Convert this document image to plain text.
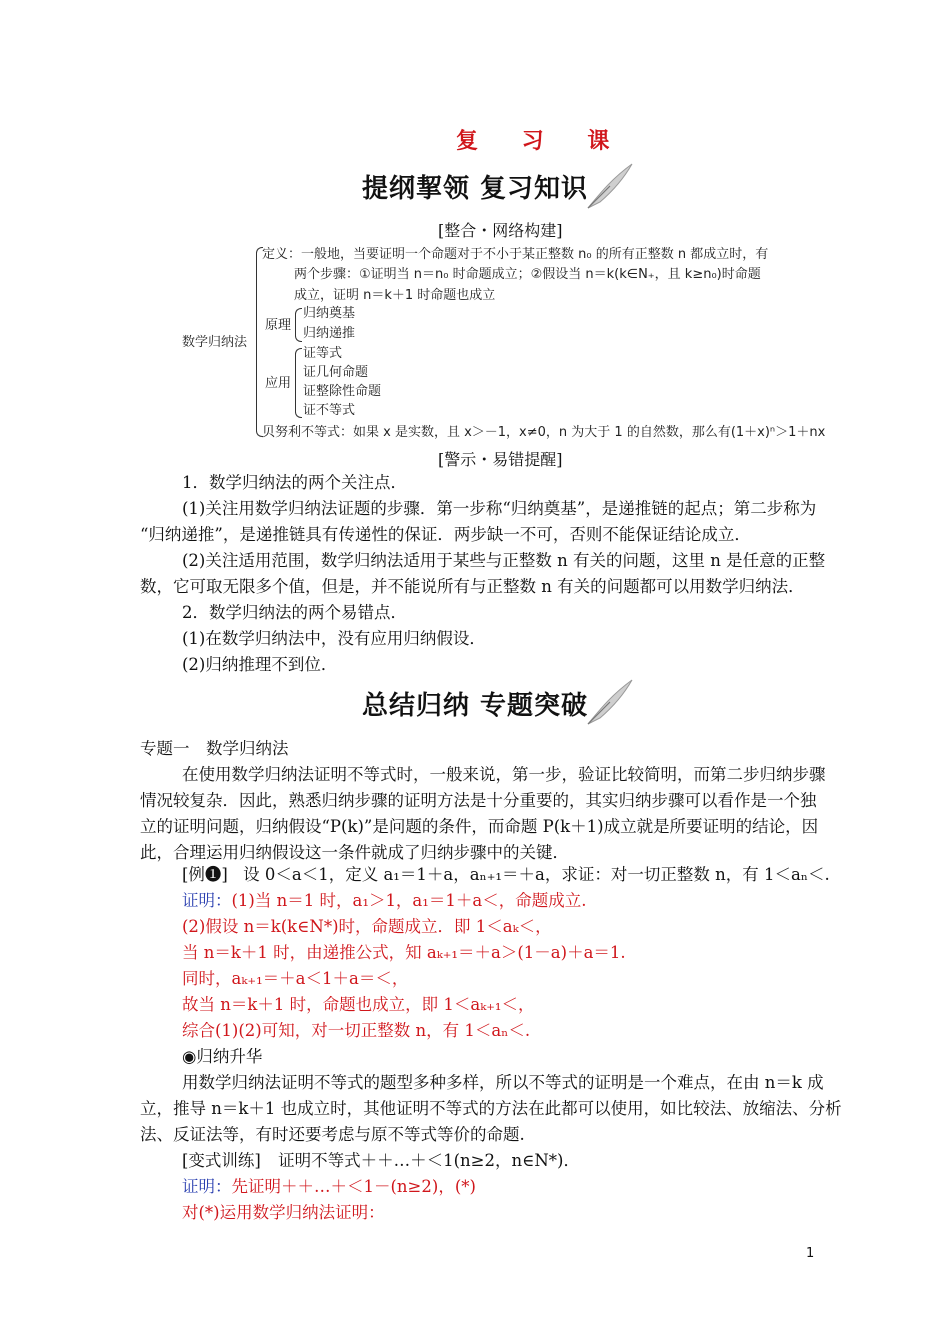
复 习 课
提纲挈领 复习知识
[整合・网络构建]
数学归纳法
定义：一般地，当要证明一个命题对于不小于某正整数 n₀ 的所有正整数 n 都成立时，有
两个步骤：①证明当 n＝n₀ 时命题成立；②假设当 n＝k(k∈N₊，且 k≥n₀)时命题
成立，证明 n＝k＋1 时命题也成立
原理
归纳奠基
归纳递推
应用
证等式
证几何命题
证整除性命题
证不等式
贝努利不等式：如果 x 是实数，且 x＞－1，x≠0，n 为大于 1 的自然数，那么有(1＋x)ⁿ＞1＋nx
[警示・易错提醒]
1．数学归纳法的两个关注点．
(1)关注用数学归纳法证题的步骤．第一步称“归纳奠基”，是递推链的起点；第二步称为
“归纳递推”，是递推链具有传递性的保证．两步缺一不可，否则不能保证结论成立．
(2)关注适用范围，数学归纳法适用于某些与正整数 n 有关的问题，这里 n 是任意的正整
数，它可取无限多个值，但是，并不能说所有与正整数 n 有关的问题都可以用数学归纳法．
2．数学归纳法的两个易错点．
(1)在数学归纳法中，没有应用归纳假设．
(2)归纳推理不到位．
总结归纳 专题突破
专题一　数学归纳法
在使用数学归纳法证明不等式时，一般来说，第一步，验证比较简明，而第二步归纳步骤
情况较复杂．因此，熟悉归纳步骤的证明方法是十分重要的，其实归纳步骤可以看作是一个独
立的证明问题，归纳假设“P(k)”是问题的条件，而命题 P(k＋1)成立就是所要证明的结论，因
此，合理运用归纳假设这一条件就成了归纳步骤中的关键．
[例❶] 设 0＜a＜1，定义 a₁＝1＋a，aₙ₊₁＝＋a，求证：对一切正整数 n，有 1＜aₙ＜.
证明：(1)当 n＝1 时，a₁＞1，a₁＝1＋a＜，命题成立.
(2)假设 n＝k(k∈N*)时，命题成立．即 1＜aₖ＜，
当 n＝k＋1 时，由递推公式，知 aₖ₊₁＝＋a＞(1－a)＋a＝1.
同时，aₖ₊₁＝＋a＜1＋a＝＜，
故当 n＝k＋1 时，命题也成立，即 1＜aₖ₊₁＜，
综合(1)(2)可知，对一切正整数 n，有 1＜aₙ＜.
◉归纳升华
用数学归纳法证明不等式的题型多种多样，所以不等式的证明是一个难点，在由 n＝k 成
立，推导 n＝k＋1 也成立时，其他证明不等式的方法在此都可以使用，如比较法、放缩法、分析
法、反证法等，有时还要考虑与原不等式等价的命题.
[变式训练] 证明不等式＋＋…＋＜1(n≥2，n∈N*)．
证明：先证明＋＋…＋＜1－(n≥2)，(*)
对(*)运用数学归纳法证明：
1
